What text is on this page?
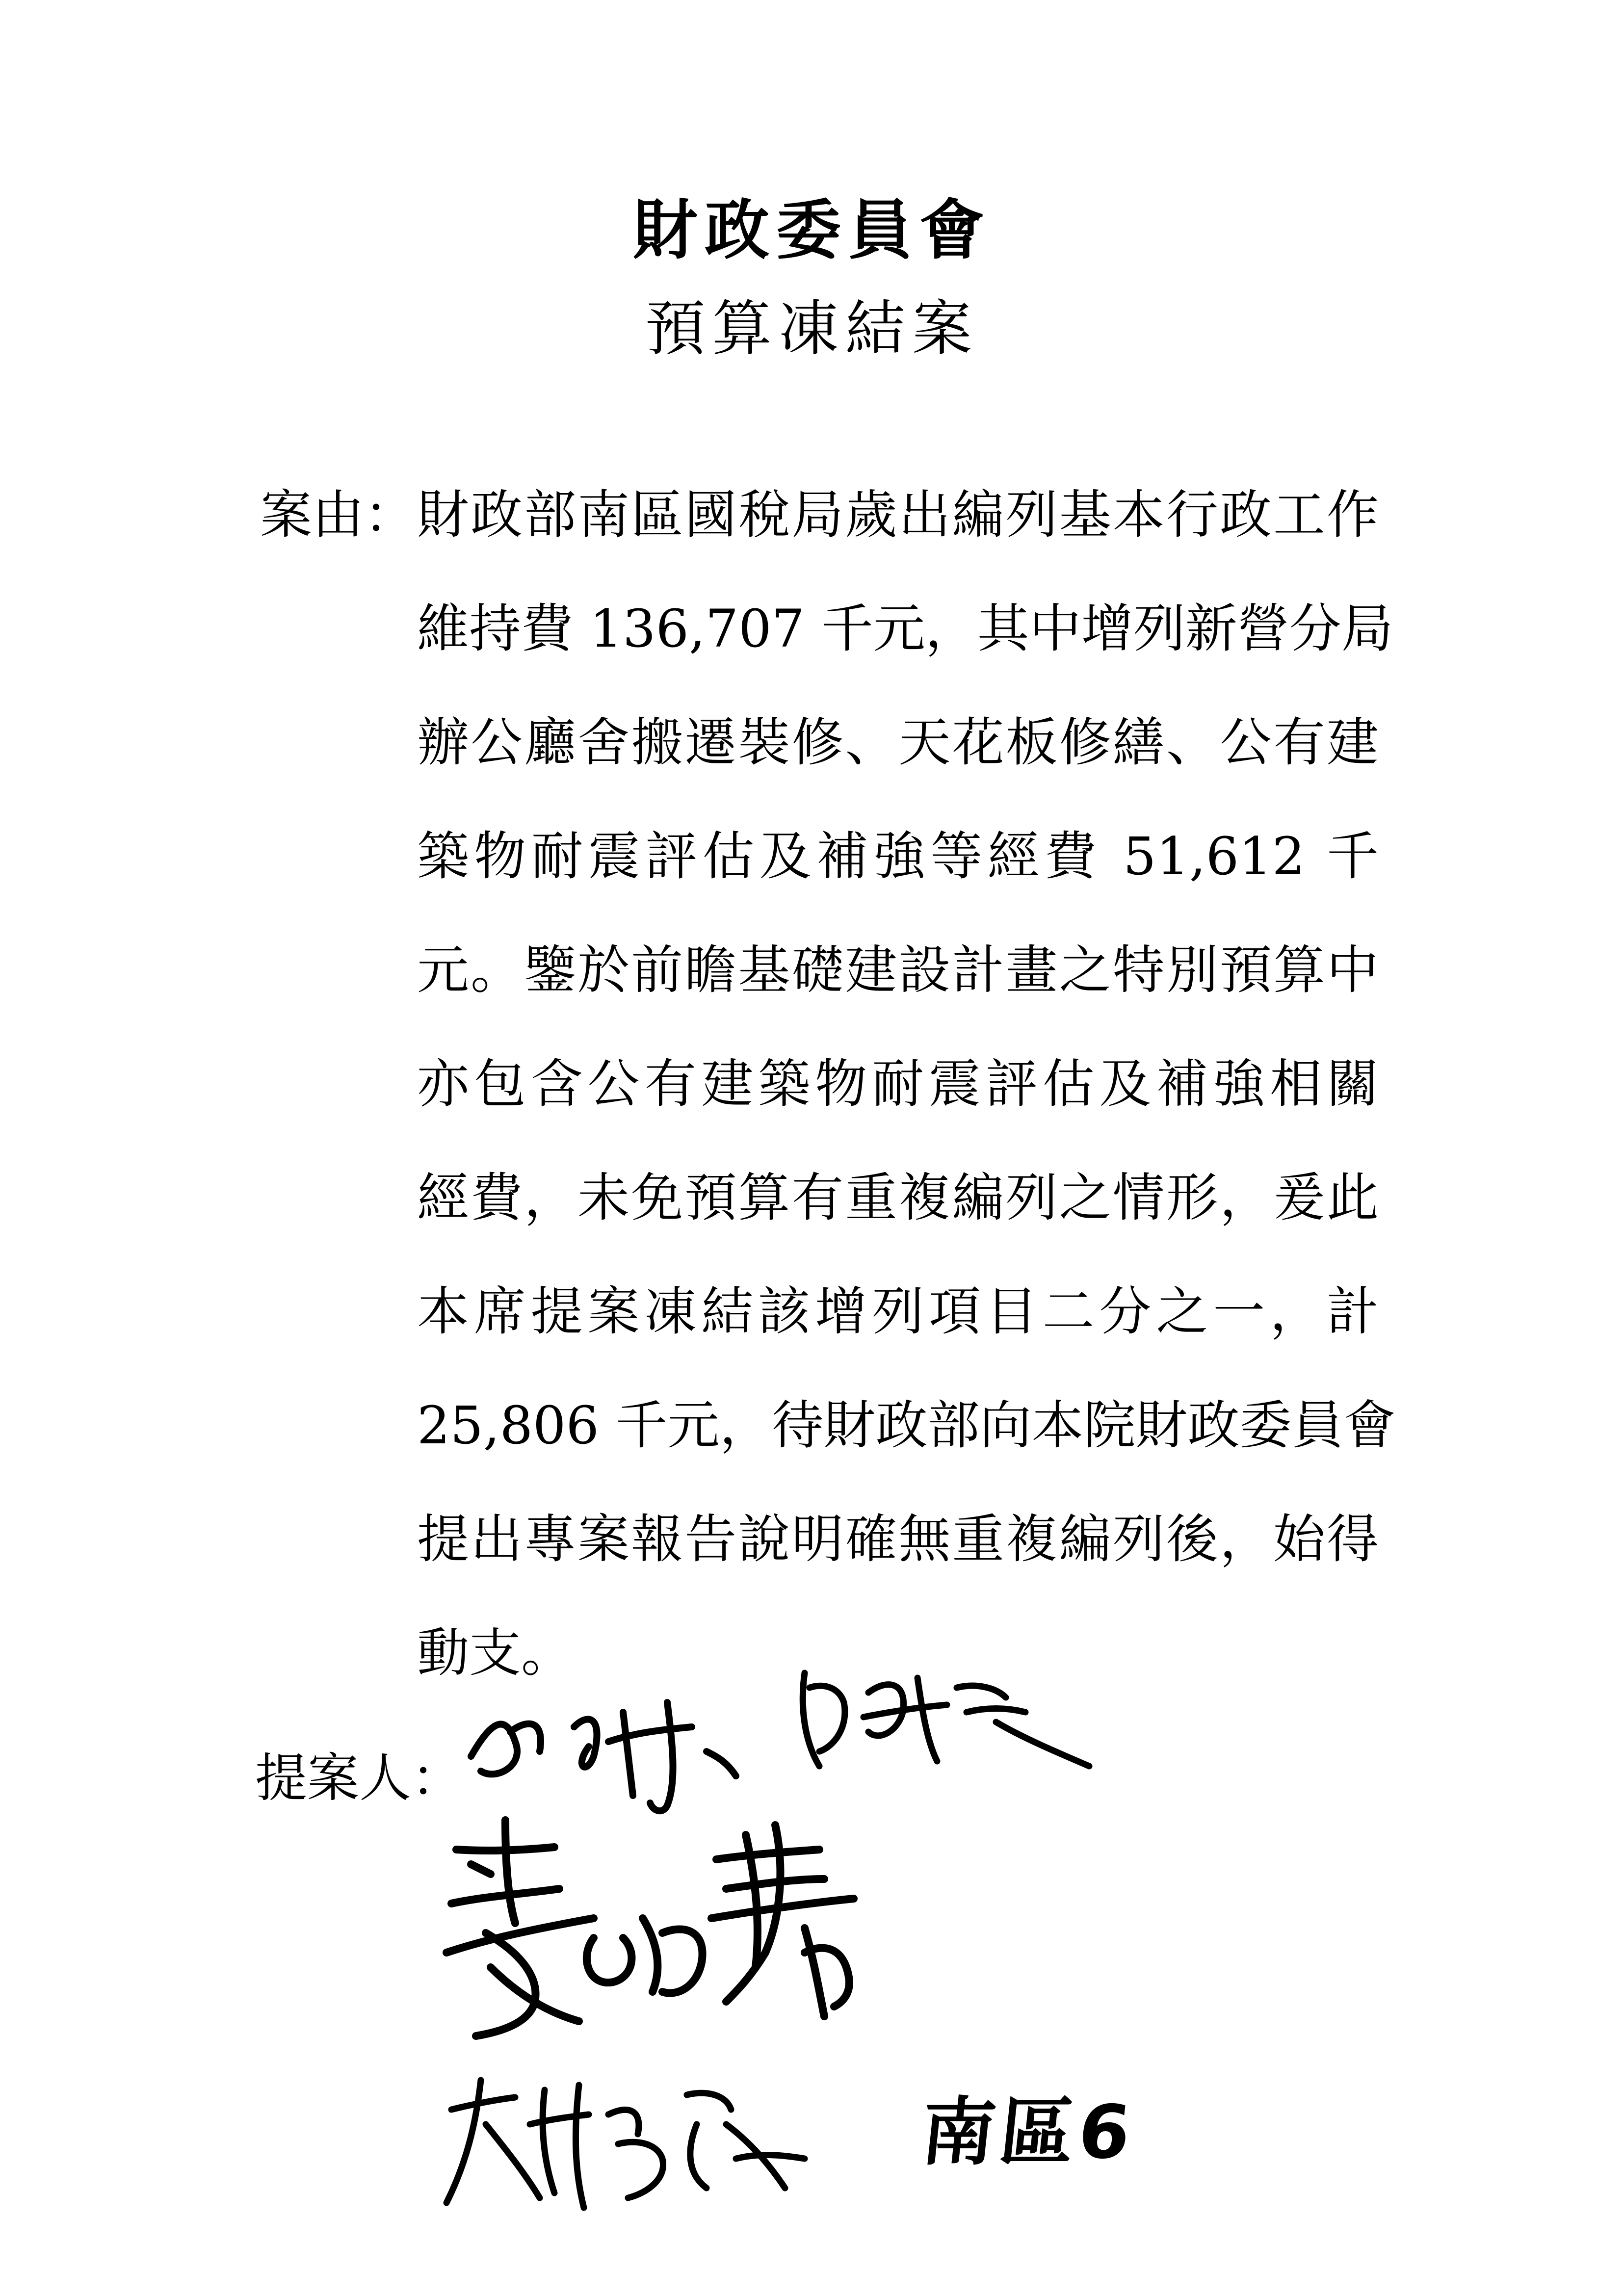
財政委員會
預算凍結案
案由： 財政部南區國稅局歲出編列基本行政工作
維持費 136,707 千元，其中增列新營分局
辦公廳舍搬遷裝修、天花板修繕、公有建
築物耐震評估及補強等經費 51,612 千
元。鑒於前瞻基礎建設計畫之特別預算中
亦包含公有建築物耐震評估及補強相關
經費，未免預算有重複編列之情形，爰此
本席提案凍結該增列項目二分之一，計
25,806 千元，待財政部向本院財政委員會
提出專案報告說明確無重複編列後，始得
動支。
提案人：
南區6
